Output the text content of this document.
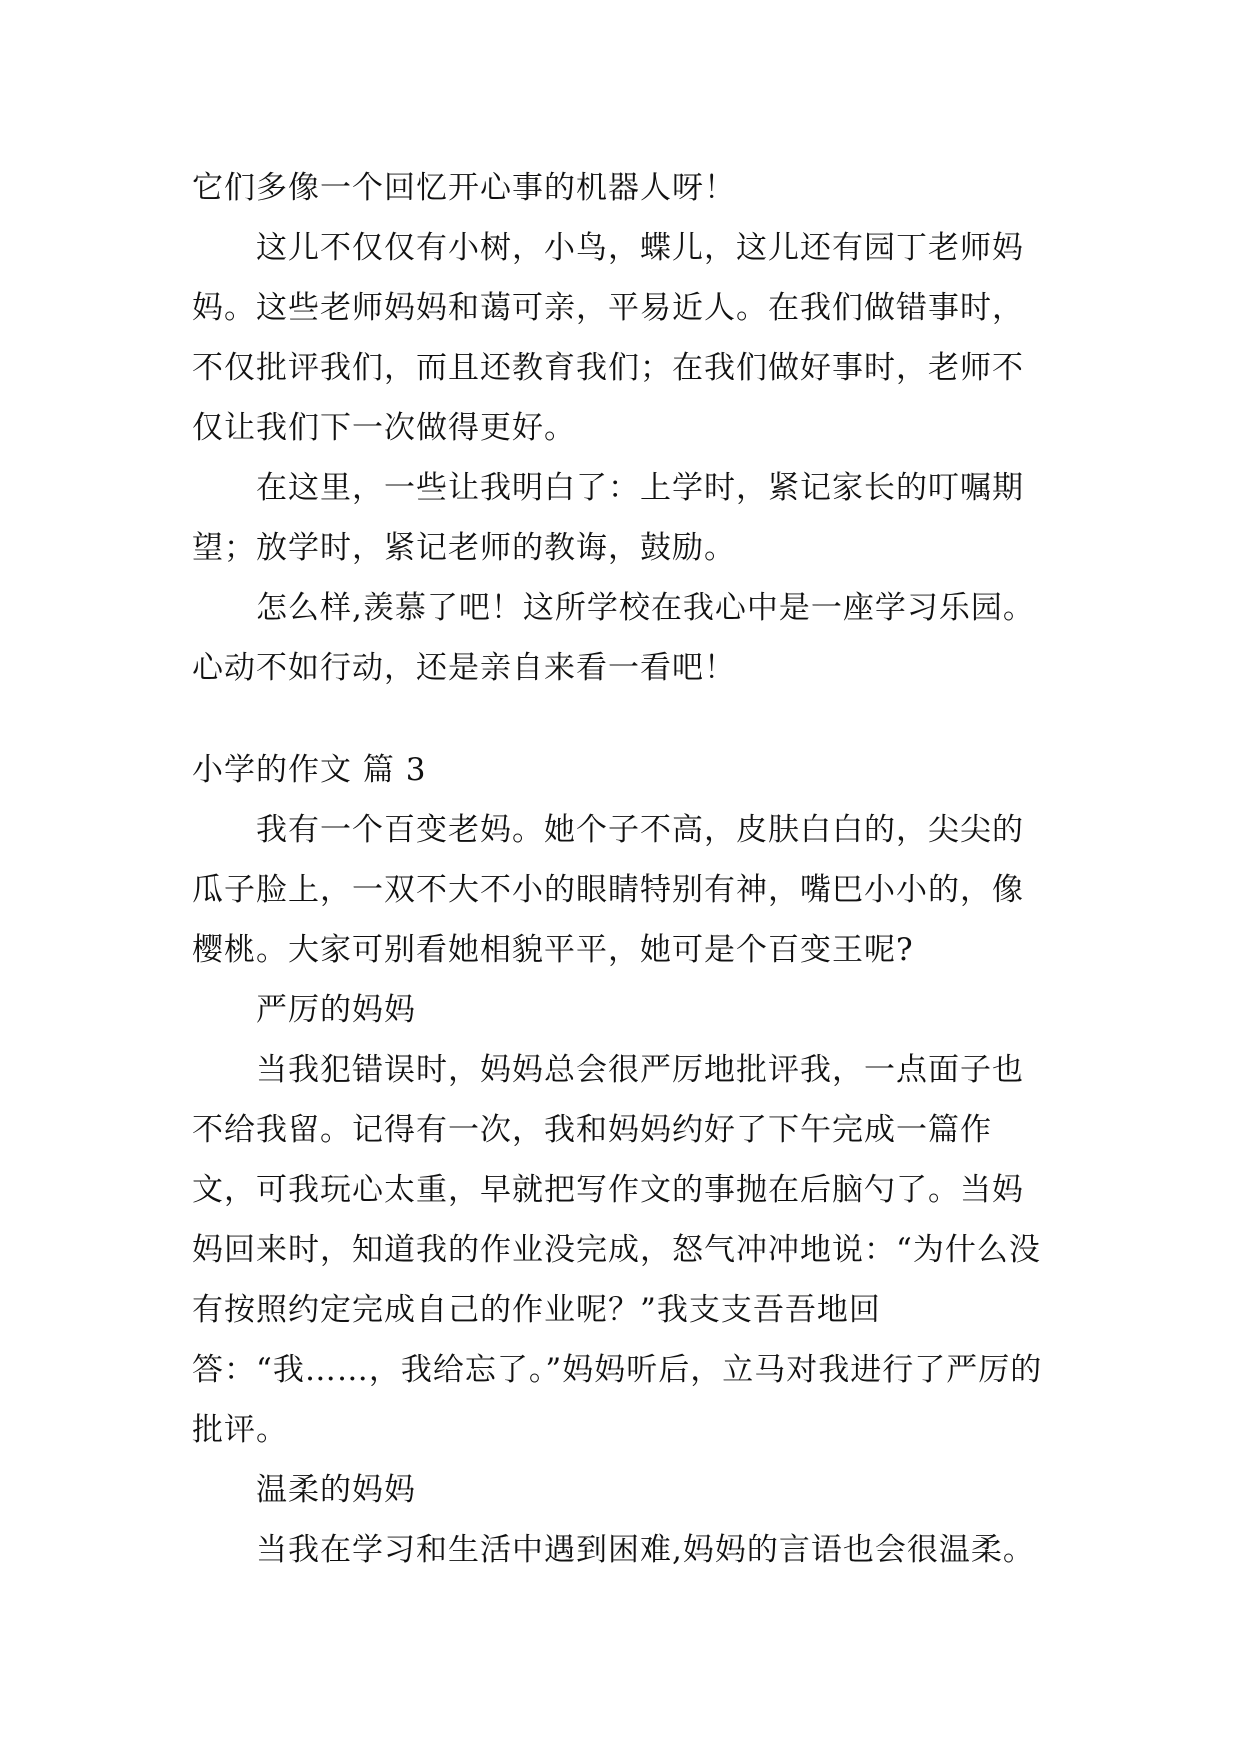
它们多像一个回忆开心事的机器人呀！

这儿不仅仅有小树，小鸟，蝶儿，这儿还有园丁老师妈妈。这些老师妈妈和蔼可亲，平易近人。在我们做错事时，不仅批评我们，而且还教育我们；在我们做好事时，老师不仅让我们下一次做得更好。

在这里，一些让我明白了：上学时，紧记家长的叮嘱期望；放学时，紧记老师的教诲，鼓励。

怎么样,羡慕了吧！这所学校在我心中是一座学习乐园。心动不如行动，还是亲自来看一看吧！

小学的作文 篇 3

我有一个百变老妈。她个子不高，皮肤白白的，尖尖的瓜子脸上，一双不大不小的眼睛特别有神，嘴巴小小的，像樱桃。大家可别看她相貌平平，她可是个百变王呢?

严厉的妈妈

当我犯错误时，妈妈总会很严厉地批评我，一点面子也不给我留。记得有一次，我和妈妈约好了下午完成一篇作文，可我玩心太重，早就把写作文的事抛在后脑勺了。当妈妈回来时，知道我的作业没完成，怒气冲冲地说：“为什么没有按照约定完成自己的作业呢？”我支支吾吾地回答：“我……，我给忘了。”妈妈听后，立马对我进行了严厉的批评。

温柔的妈妈

当我在学习和生活中遇到困难,妈妈的言语也会很温柔。
